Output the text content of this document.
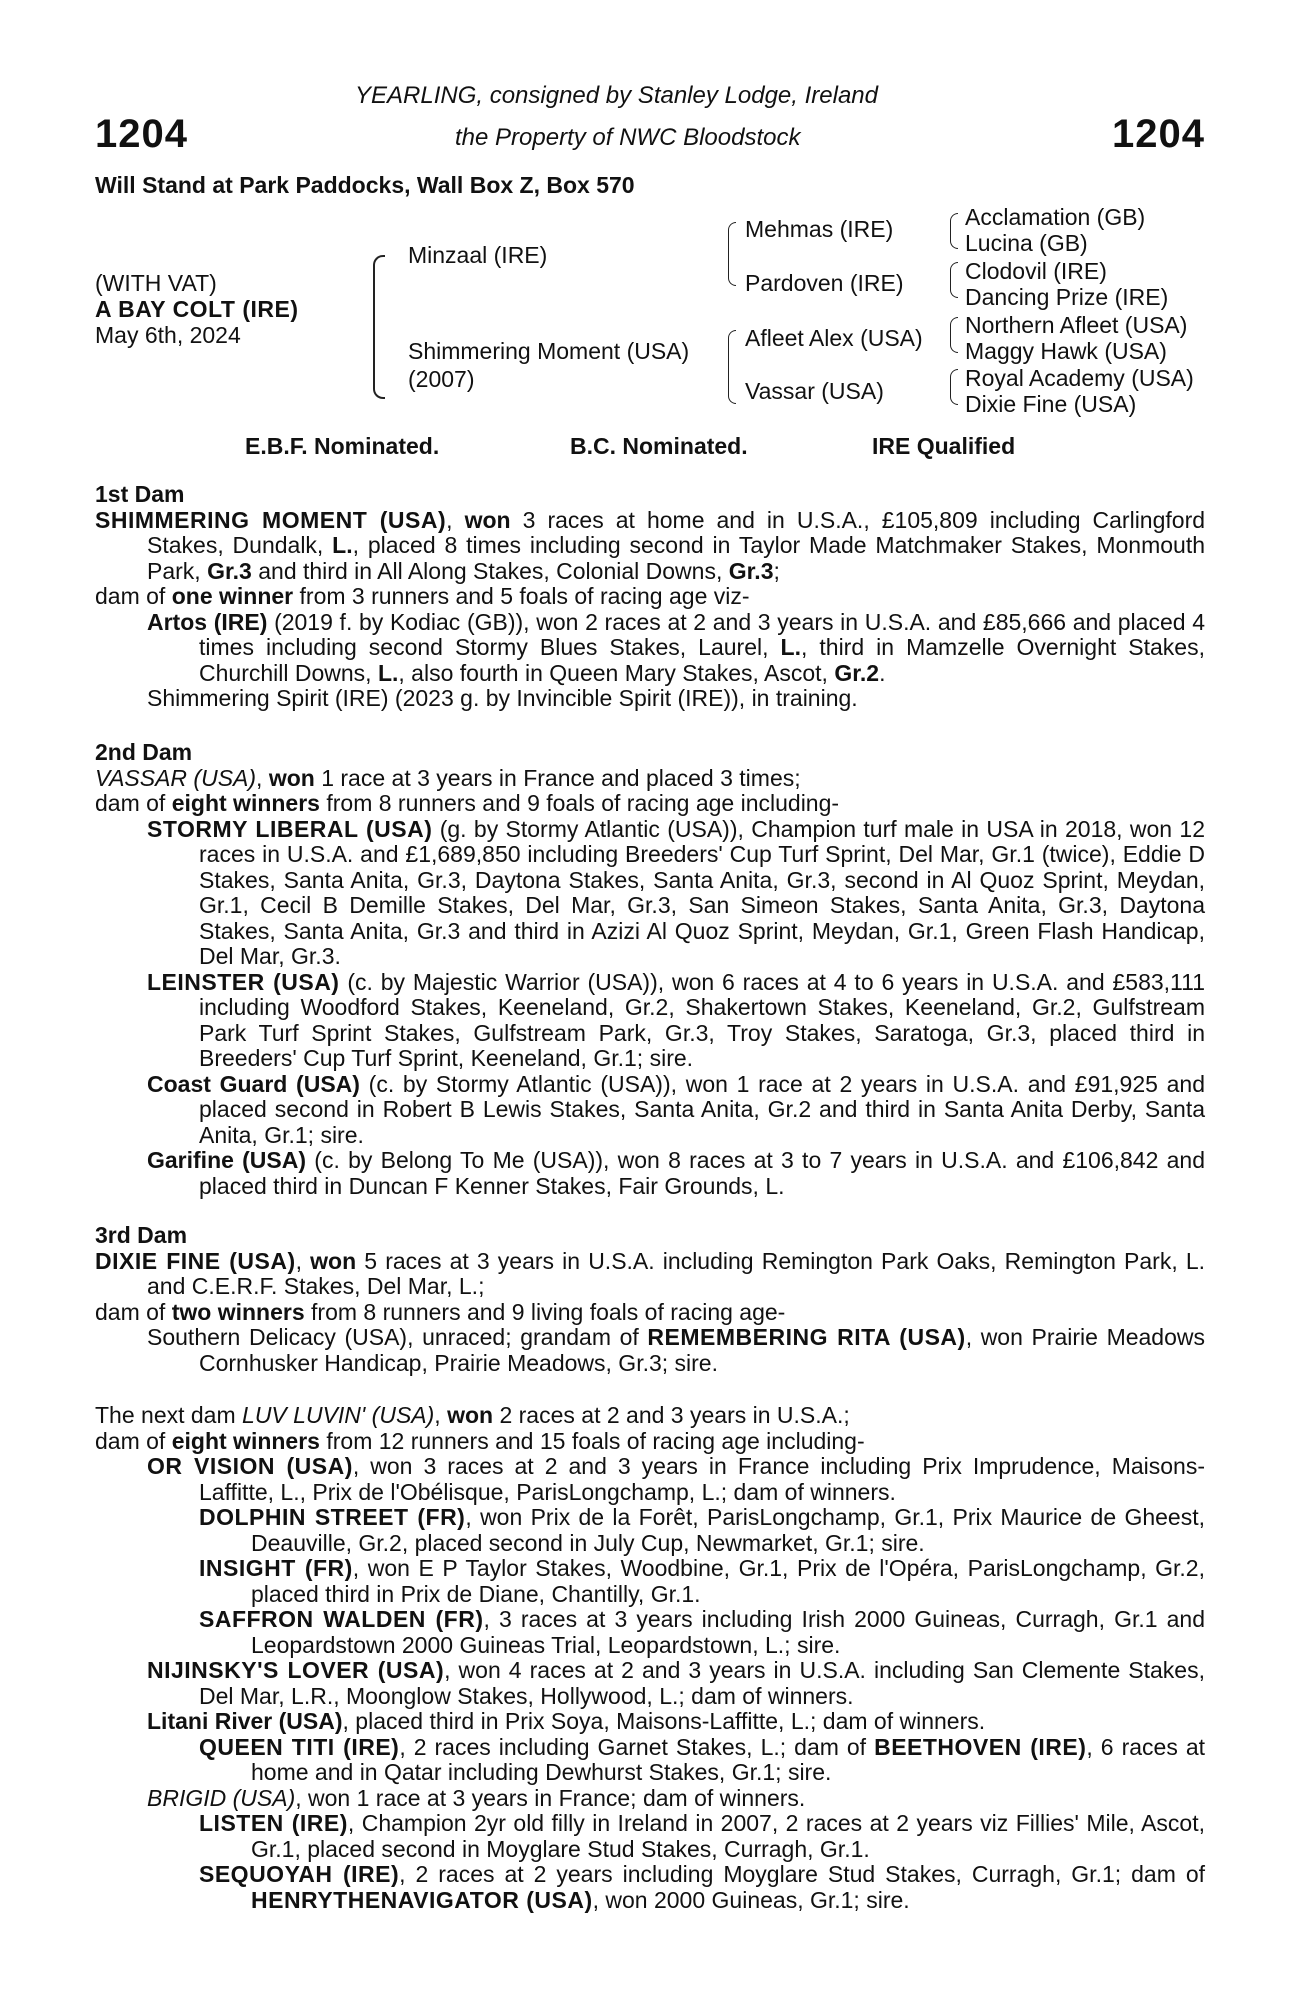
1204	1204
YEARLING, consigned by Stanley Lodge, Ireland
the Property of NWC Bloodstock
Will Stand at Park Paddocks, Wall Box Z, Box 570
(WITH VAT)
A BAY COLT (IRE)
May 6th, 2024
Minzaal (IRE)
Shimmering Moment (USA)
(2007)
Mehmas (IRE)
Pardoven (IRE)
Afleet Alex (USA)
Vassar (USA)
Acclamation (GB)
Lucina (GB)
Clodovil (IRE)
Dancing Prize (IRE)
Northern Afleet (USA)
Maggy Hawk (USA)
Royal Academy (USA)
Dixie Fine (USA)
E.B.F. Nominated.	B.C. Nominated.	IRE Qualified

1st Dam

SHIMMERING MOMENT (USA), won 3 races at home and in U.S.A., £105,809 including Carlingford Stakes, Dundalk, L., placed 8 times including second in Taylor Made Matchmaker Stakes, Monmouth Park, Gr.3 and third in All Along Stakes, Colonial Downs, Gr.3;

dam of one winner from 3 runners and 5 foals of racing age viz-

Artos (IRE) (2019 f. by Kodiac (GB)), won 2 races at 2 and 3 years in U.S.A. and £85,666 and placed 4 times including second Stormy Blues Stakes, Laurel, L., third in Mamzelle Overnight Stakes, Churchill Downs, L., also fourth in Queen Mary Stakes, Ascot, Gr.2.

Shimmering Spirit (IRE) (2023 g. by Invincible Spirit (IRE)), in training.

2nd Dam

VASSAR (USA), won 1 race at 3 years in France and placed 3 times;

dam of eight winners from 8 runners and 9 foals of racing age including-

STORMY LIBERAL (USA) (g. by Stormy Atlantic (USA)), Champion turf male in USA in 2018, won 12 races in U.S.A. and £1,689,850 including Breeders' Cup Turf Sprint, Del Mar, Gr.1 (twice), Eddie D Stakes, Santa Anita, Gr.3, Daytona Stakes, Santa Anita, Gr.3, second in Al Quoz Sprint, Meydan, Gr.1, Cecil B Demille Stakes, Del Mar, Gr.3, San Simeon Stakes, Santa Anita, Gr.3, Daytona Stakes, Santa Anita, Gr.3 and third in Azizi Al Quoz Sprint, Meydan, Gr.1, Green Flash Handicap, Del Mar, Gr.3.

LEINSTER (USA) (c. by Majestic Warrior (USA)), won 6 races at 4 to 6 years in U.S.A. and £583,111 including Woodford Stakes, Keeneland, Gr.2, Shakertown Stakes, Keeneland, Gr.2, Gulfstream Park Turf Sprint Stakes, Gulfstream Park, Gr.3, Troy Stakes, Saratoga, Gr.3, placed third in Breeders' Cup Turf Sprint, Keeneland, Gr.1; sire.

Coast Guard (USA) (c. by Stormy Atlantic (USA)), won 1 race at 2 years in U.S.A. and £91,925 and placed second in Robert B Lewis Stakes, Santa Anita, Gr.2 and third in Santa Anita Derby, Santa Anita, Gr.1; sire.

Garifine (USA) (c. by Belong To Me (USA)), won 8 races at 3 to 7 years in U.S.A. and £106,842 and placed third in Duncan F Kenner Stakes, Fair Grounds, L.

3rd Dam

DIXIE FINE (USA), won 5 races at 3 years in U.S.A. including Remington Park Oaks, Remington Park, L. and C.E.R.F. Stakes, Del Mar, L.;

dam of two winners from 8 runners and 9 living foals of racing age-

Southern Delicacy (USA), unraced; grandam of REMEMBERING RITA (USA), won Prairie Meadows Cornhusker Handicap, Prairie Meadows, Gr.3; sire.

The next dam LUV LUVIN' (USA), won 2 races at 2 and 3 years in U.S.A.;

dam of eight winners from 12 runners and 15 foals of racing age including-

OR VISION (USA), won 3 races at 2 and 3 years in France including Prix Imprudence, Maisons-Laffitte, L., Prix de l'Obélisque, ParisLongchamp, L.; dam of winners.

DOLPHIN STREET (FR), won Prix de la Forêt, ParisLongchamp, Gr.1, Prix Maurice de Gheest, Deauville, Gr.2, placed second in July Cup, Newmarket, Gr.1; sire.

INSIGHT (FR), won E P Taylor Stakes, Woodbine, Gr.1, Prix de l'Opéra, ParisLongchamp, Gr.2, placed third in Prix de Diane, Chantilly, Gr.1.

SAFFRON WALDEN (FR), 3 races at 3 years including Irish 2000 Guineas, Curragh, Gr.1 and Leopardstown 2000 Guineas Trial, Leopardstown, L.; sire.

NIJINSKY'S LOVER (USA), won 4 races at 2 and 3 years in U.S.A. including San Clemente Stakes, Del Mar, L.R., Moonglow Stakes, Hollywood, L.; dam of winners.

Litani River (USA), placed third in Prix Soya, Maisons-Laffitte, L.; dam of winners.

QUEEN TITI (IRE), 2 races including Garnet Stakes, L.; dam of BEETHOVEN (IRE), 6 races at home and in Qatar including Dewhurst Stakes, Gr.1; sire.

BRIGID (USA), won 1 race at 3 years in France; dam of winners.

LISTEN (IRE), Champion 2yr old filly in Ireland in 2007, 2 races at 2 years viz Fillies' Mile, Ascot, Gr.1, placed second in Moyglare Stud Stakes, Curragh, Gr.1.

SEQUOYAH (IRE), 2 races at 2 years including Moyglare Stud Stakes, Curragh, Gr.1; dam of HENRYTHENAVIGATOR (USA), won 2000 Guineas, Gr.1; sire.
